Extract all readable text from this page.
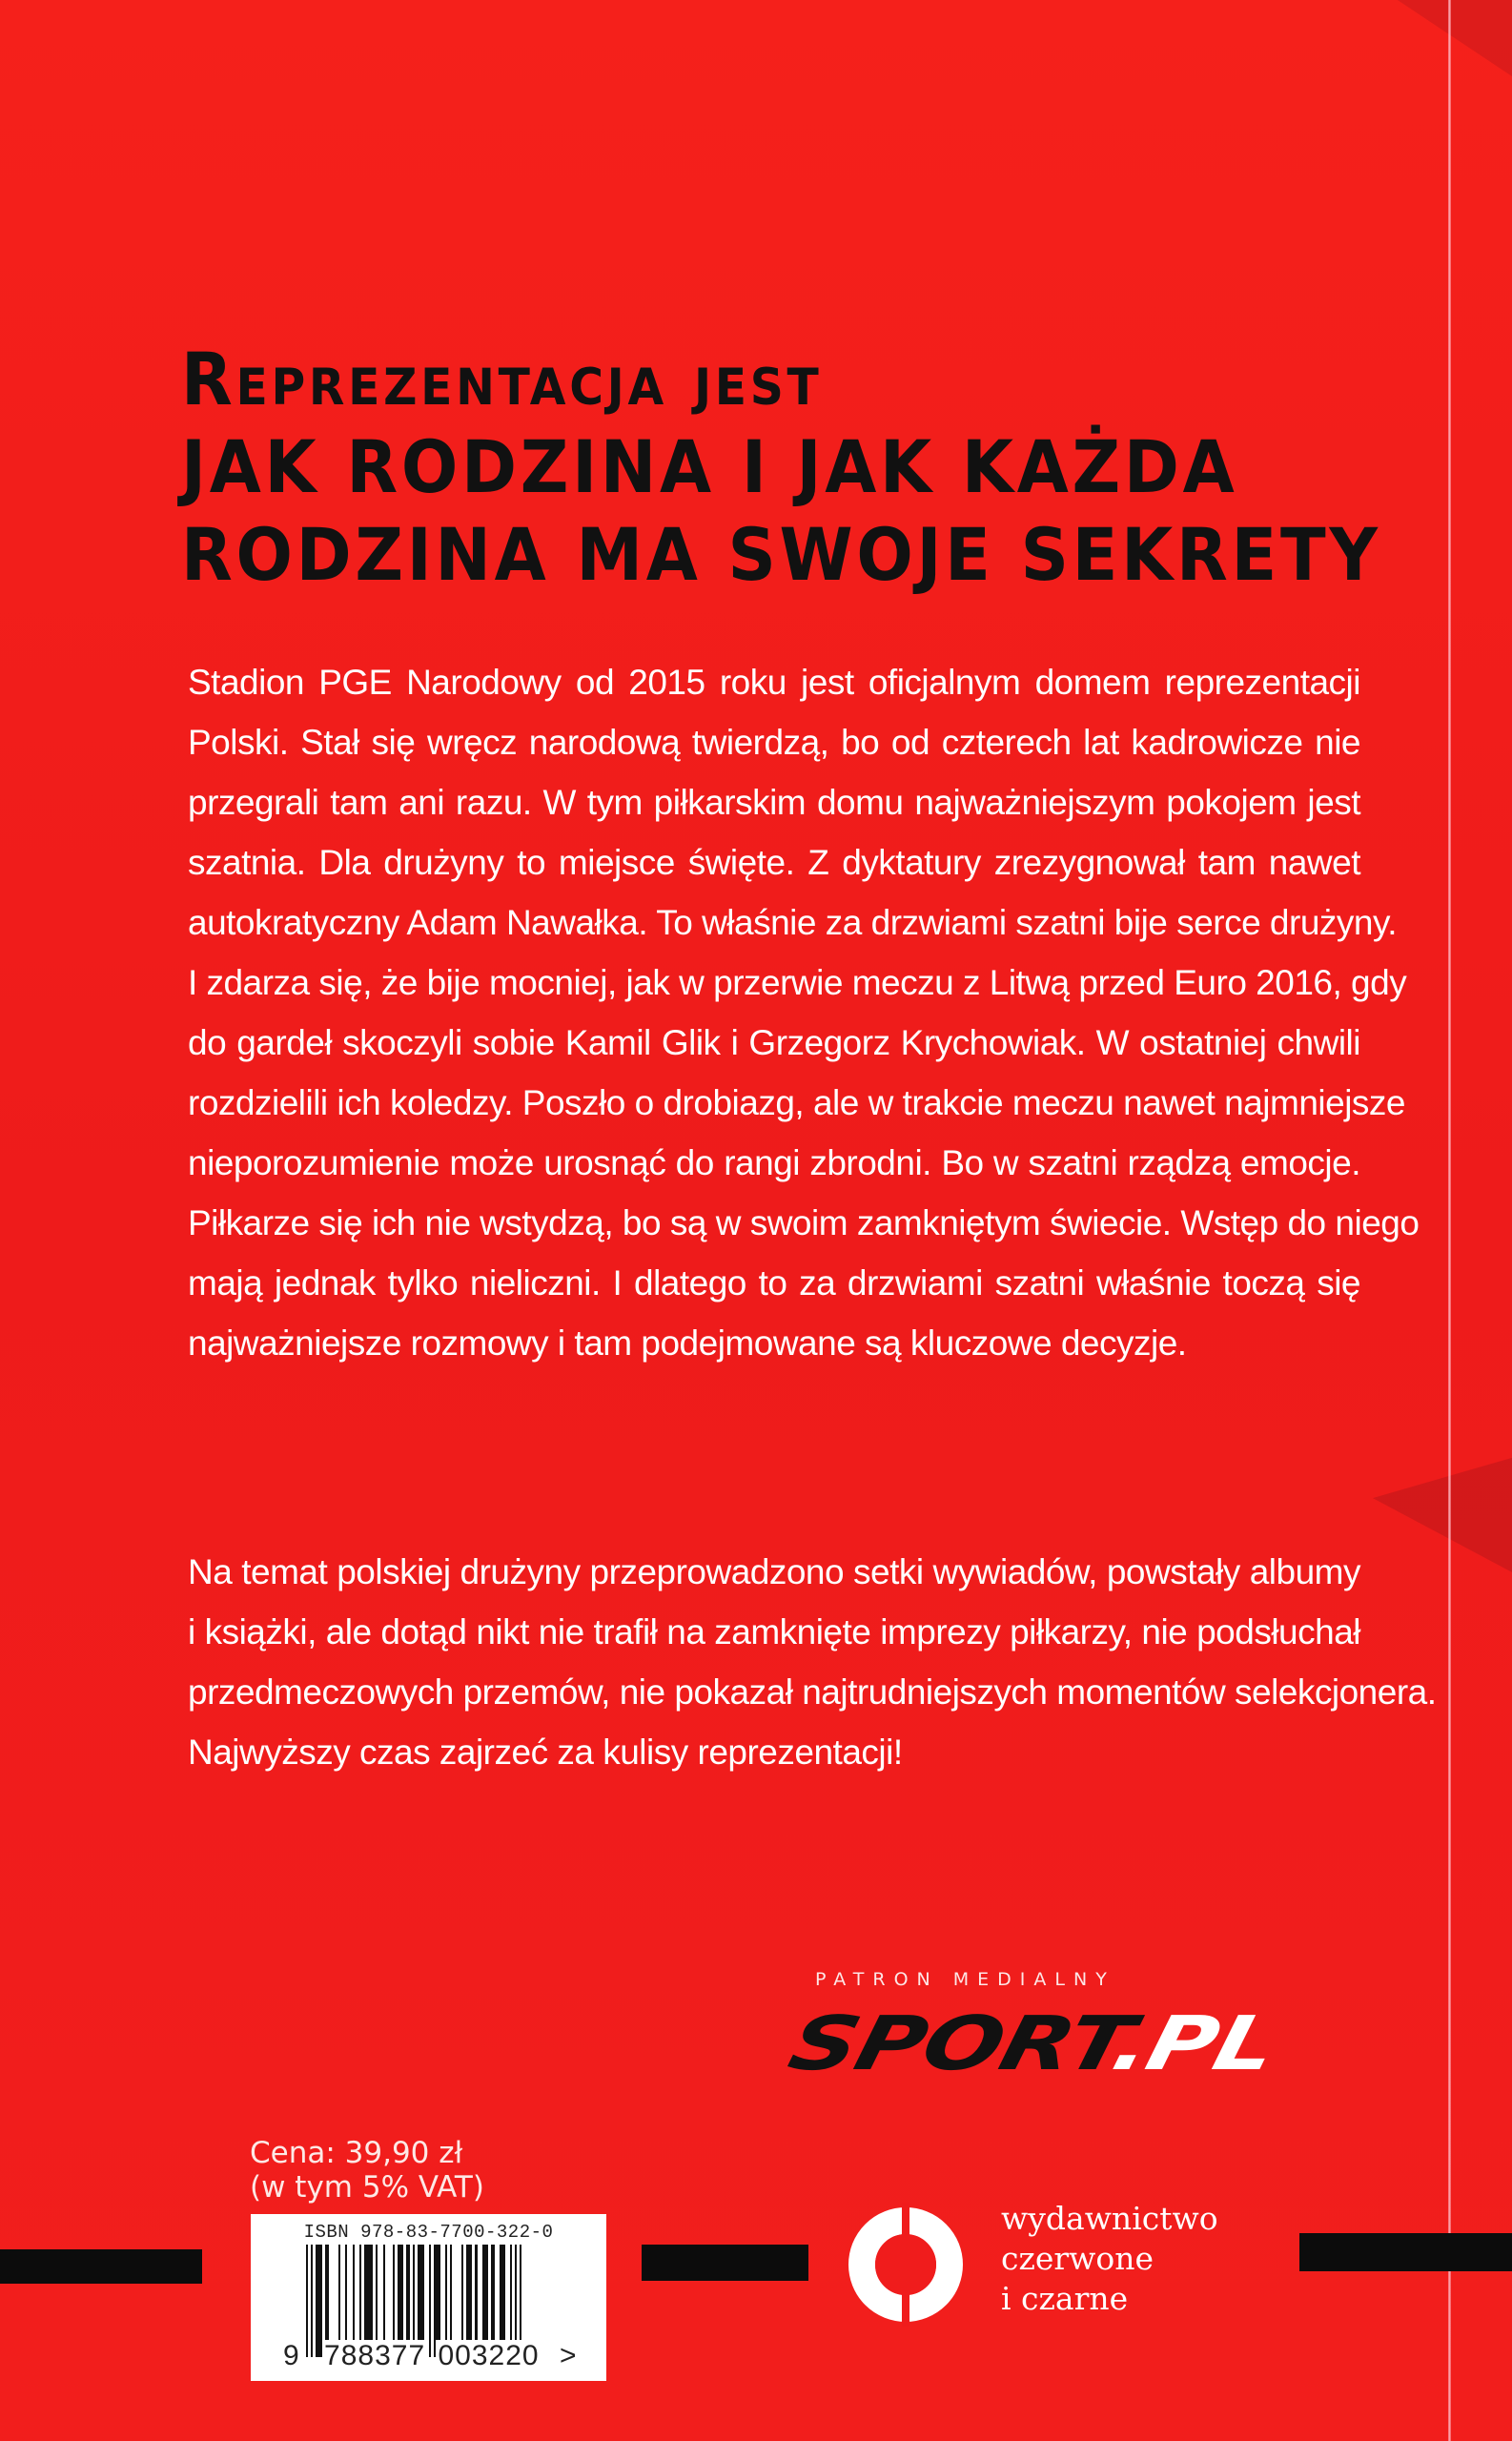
Reprezentacja jest
JAK RODZINA I JAK KAŻDA
RODZINA MA SWOJE SEKRETY
Stadion PGE Narodowy od 2015 roku jest oficjalnym domem reprezentacji
Polski. Stał się wręcz narodową twierdzą, bo od czterech lat kadrowicze nie
przegrali tam ani razu. W tym piłkarskim domu najważniejszym pokojem jest
szatnia. Dla drużyny to miejsce święte. Z dyktatury zrezygnował tam nawet
autokratyczny Adam Nawałka. To właśnie za drzwiami szatni bije serce drużyny.
I zdarza się, że bije mocniej, jak w przerwie meczu z Litwą przed Euro 2016, gdy
do gardeł skoczyli sobie Kamil Glik i Grzegorz Krychowiak. W ostatniej chwili
rozdzielili ich koledzy. Poszło o drobiazg, ale w trakcie meczu nawet najmniejsze
nieporozumienie może urosnąć do rangi zbrodni. Bo w szatni rządzą emocje.
Piłkarze się ich nie wstydzą, bo są w swoim zamkniętym świecie. Wstęp do niego
mają jednak tylko nieliczni. I dlatego to za drzwiami szatni właśnie toczą się
najważniejsze rozmowy i tam podejmowane są kluczowe decyzje.
Na temat polskiej drużyny przeprowadzono setki wywiadów, powstały albumy
i książki, ale dotąd nikt nie trafił na zamknięte imprezy piłkarzy, nie podsłuchał
przedmeczowych przemów, nie pokazał najtrudniejszych momentów selekcjonera.
Najwyższy czas zajrzeć za kulisy reprezentacji!
PATRON MEDIALNY
SPORT.PL
Cena: 39,90 zł
(w tym 5% VAT)
ISBN 978-83-7700-322-0
9 788377 003220 >
wydawnictwo
czerwone
i czarne
